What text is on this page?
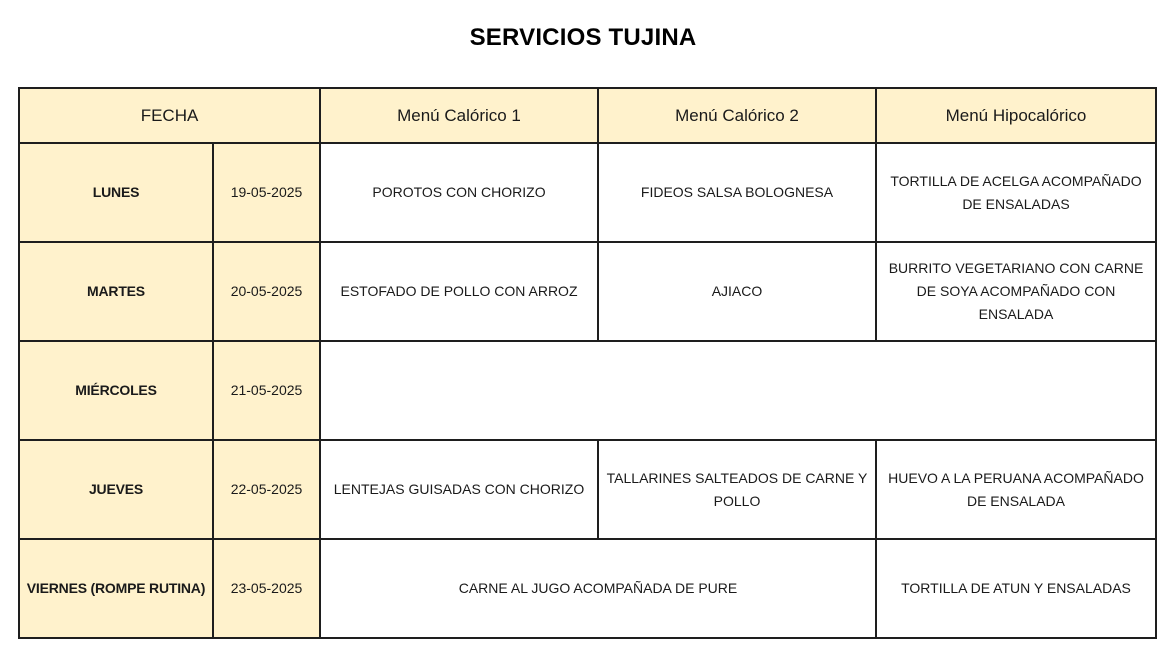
SERVICIOS TUJINA
FECHA		Menú Calórico 1	Menú Calórico 2	Menú Hipocalórico
LUNES	19-05-2025	POROTOS CON CHORIZO	FIDEOS SALSA BOLOGNESA	TORTILLA DE ACELGA ACOMPAÑADO DE ENSALADAS
MARTES	20-05-2025	ESTOFADO DE POLLO CON ARROZ	AJIACO	BURRITO VEGETARIANO CON CARNE DE SOYA ACOMPAÑADO CON ENSALADA
MIÉRCOLES	21-05-2025			
JUEVES	22-05-2025	LENTEJAS GUISADAS CON CHORIZO	TALLARINES SALTEADOS DE CARNE Y POLLO	HUEVO A LA PERUANA ACOMPAÑADO DE ENSALADA
VIERNES (ROMPE RUTINA)	23-05-2025	CARNE AL JUGO ACOMPAÑADA DE PURE		TORTILLA DE ATUN Y ENSALADAS
